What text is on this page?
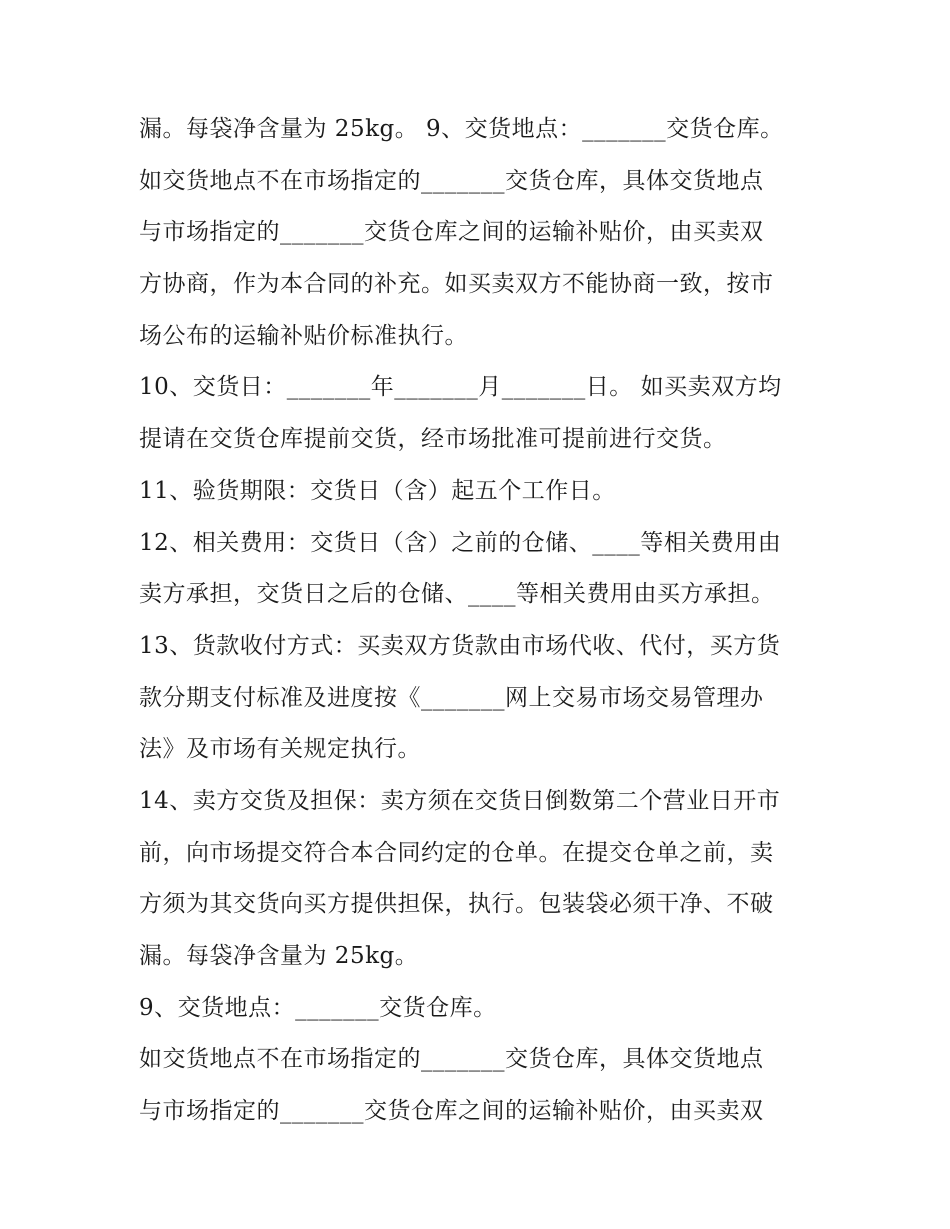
漏。每袋净含量为 25kg。 9、交货地点：_______交货仓库。
如交货地点不在市场指定的_______交货仓库，具体交货地点
与市场指定的_______交货仓库之间的运输补贴价，由买卖双
方协商，作为本合同的补充。如买卖双方不能协商一致，按市
场公布的运输补贴价标准执行。
10、交货日：_______年_______月_______日。 如买卖双方均
提请在交货仓库提前交货，经市场批准可提前进行交货。
11、验货期限：交货日（含）起五个工作日。
12、相关费用：交货日（含）之前的仓储、____等相关费用由
卖方承担，交货日之后的仓储、____等相关费用由买方承担。
13、货款收付方式：买卖双方货款由市场代收、代付，买方货
款分期支付标准及进度按《_______网上交易市场交易管理办
法》及市场有关规定执行。
14、卖方交货及担保：卖方须在交货日倒数第二个营业日开市
前，向市场提交符合本合同约定的仓单。在提交仓单之前，卖
方须为其交货向买方提供担保，执行。包装袋必须干净、不破
漏。每袋净含量为 25kg。
9、交货地点：_______交货仓库。
如交货地点不在市场指定的_______交货仓库，具体交货地点
与市场指定的_______交货仓库之间的运输补贴价，由买卖双
